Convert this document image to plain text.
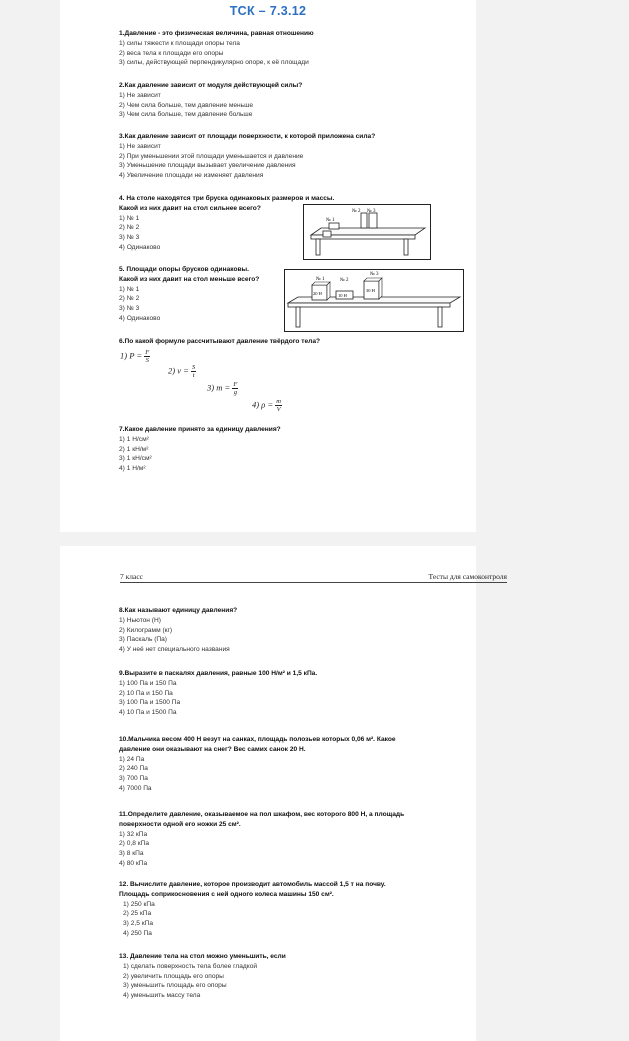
ТСК – 7.3.12
1.Давление - это физическая величина, равная отношению
1) силы тяжести к площади опоры тела
2) веса тела к площади его опоры
3) силы, действующей перпендикулярно опоре, к её площади
2.Как давление зависит от модуля действующей силы?
1) Не зависит
2) Чем сила больше, тем давление меньше
3) Чем сила больше, тем давление больше
3.Как давление зависит от площади поверхности, к которой приложена сила?
1) Не зависит
2) При уменьшении этой площади уменьшается и давление
3) Уменьшение площади вызывает увеличение давления
4) Увеличение площади не изменяет давления
4. На столе находятся три бруска одинаковых размеров и массы.
Какой из них давит на стол сильнее всего?
1) № 1
2) № 2
3) № 3
4) Одинаково
№ 1
№ 2 № 3
5. Площади опоры брусков одинаковы.
Какой из них давит на стол меньше всего?
1) № 1
2) № 2
3) № 3
4) Одинаково
№ 1	№ 2
№ 3
20 Н	10 Н
30 Н
6.По какой формуле рассчитывают давление твёрдого тела?
1) $P = \frac{F}{S}$
2) $v = \frac{S}{t}$
3) $m = \frac{F}{g}$
4) $\rho = \frac{m}{V}$
7.Какое давление принято за единицу давления?
1) 1 Н/см²
2) 1 кН/м²
3) 1 кН/см²
4) 1 Н/м²
7 класс	Тесты для самоконтроля
8.Как называют единицу давления?
1) Ньютон (Н)
2) Килограмм (кг)
3) Паскаль (Па)
4) У неё нет специального названия
9.Выразите в паскалях давления, равные 100 Н/м² и 1,5 кПа.
1) 100 Па и 150 Па
2) 10 Па и 150 Па
3) 100 Па и 1500 Па
4) 10 Па и 1500 Па
10.Мальчика весом 400 Н везут на санках, площадь полозьев которых 0,06 м². Какое
давление они оказывают на снег? Вес самих санок 20 Н.
1) 24 Па
2) 240 Па
3) 700 Па
4) 7000 Па
11.Определите давление, оказываемое на пол шкафом, вес которого 800 Н, а площадь
поверхности одной его ножки 25 см².
1) 32 кПа
2) 0,8 кПа
3) 8 кПа
4) 80 кПа
12. Вычислите давление, которое производит автомобиль массой 1,5 т на почву.
Площадь соприкосновения с ней одного колеса машины 150 см².
1) 250 кПа
2) 25 кПа
3) 2,5 кПа
4) 250 Па
13. Давление тела на стол можно уменьшить, если
1) сделать поверхность тела более гладкой
2) увеличить площадь его опоры
3) уменьшить площадь его опоры
4) уменьшить массу тела
